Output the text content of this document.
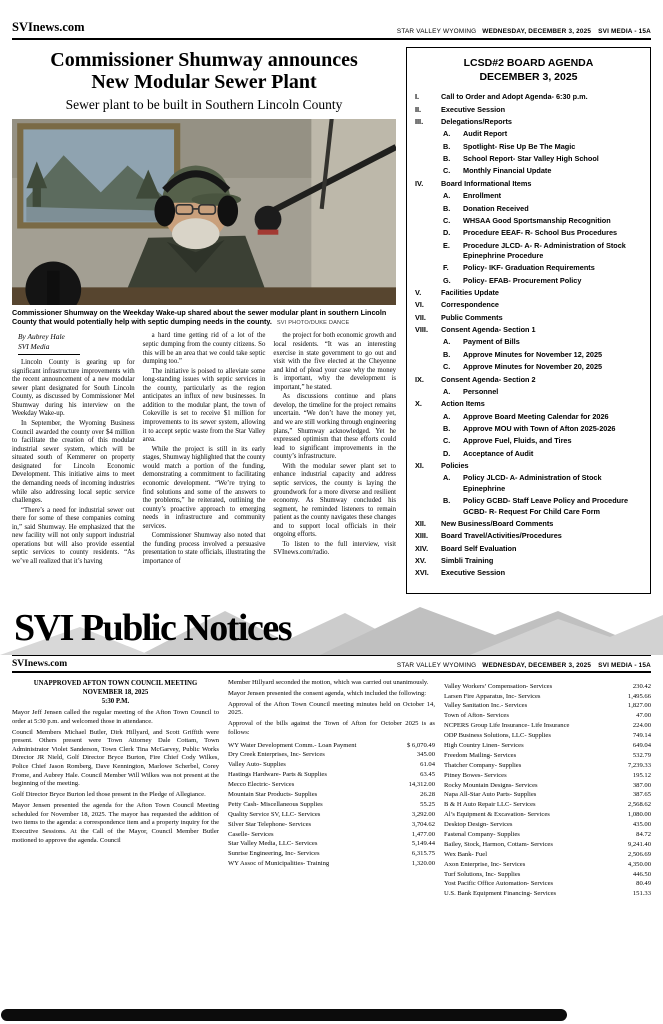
SVInews.com	STAR VALLEY WYOMING WEDNESDAY, DECEMBER 3, 2025 SVI MEDIA - 15A
Commissioner Shumway announces
New Modular Sewer Plant
Sewer plant to be built in Southern Lincoln County
Commissioner Shumway on the Weekday Wake-up shared about the sewer modular plant in southern Lincoln County that would potentially help with septic dumping needs in the county. SVI PHOTO/DUKE DANCE
By Aubrey Hale
SVI Media

Lincoln County is gearing up for significant infrastructure improvements with the recent announcement of a new modular sewer plant designated for South Lincoln County, as discussed by Commissioner Mel Shumway during his interview on the Weekday Wake-up.

In September, the Wyoming Business Council awarded the county over $4 million to facilitate the creation of this modular industrial sewer system, which will be situated south of Kemmerer on property designated for Lincoln Economic Development. This initiative aims to meet the demanding needs of incoming industries while also addressing local septic service challenges.

“There’s a need for industrial sewer out there for some of these companies coming in,” said Shumway. He emphasized that the new facility will not only support industrial operations but will also provide essential septic services to county residents. “As we’ve all realized that it’s having

a hard time getting rid of a lot of the septic dumping from the county citizens. So this will be an area that we could take septic dumping too.”

The initiative is poised to alleviate some long-standing issues with septic services in the county, particularly as the region anticipates an influx of new businesses. In addition to the modular plant, the town of Cokeville is set to receive $1 million for improvements to its sewer system, allowing it to accept septic waste from the Star Valley area.

While the project is still in its early stages, Shumway highlighted that the county would match a portion of the funding, demonstrating a commitment to facilitating economic development. “We’re trying to find solutions and some of the answers to the problems,” he reiterated, outlining the county’s proactive approach to emerging needs in infrastructure and community services.

Commissioner Shumway also noted that the funding process involved a persuasive presentation to state officials, illustrating the importance of

the project for both economic growth and local residents. “It was an interesting exercise in state government to go out and visit with the five elected at the Cheyenne and kind of plead your case why the money is important, why the development is important,” he stated.

As discussions continue and plans develop, the timeline for the project remains uncertain. “We don’t have the money yet, and we are still working through engineering plans,” Shumway acknowledged. Yet he expressed optimism that these efforts could lead to significant improvements in the county’s infrastructure.

With the modular sewer plant set to enhance industrial capacity and address septic services, the county is laying the groundwork for a more diverse and resilient economy. As Shumway concluded his segment, he reminded listeners to remain patient as the county navigates these changes and to support local officials in their ongoing efforts.

To listen to the full interview, visit SVInews.com/radio.

LCSD#2 BOARD AGENDA
DECEMBER 3, 2025
I.	Call to Order and Adopt Agenda- 6:30 p.m.
II.	Executive Session
III.	Delegations/Reports
A.	Audit Report
B.	Spotlight- Rise Up Be The Magic
B.	School Report- Star Valley High School
C.	Monthly Financial Update
IV.	Board Informational Items
A.	Enrollment
B.	Donation Received
C.	WHSAA Good Sportsmanship Recognition
D.	Procedure EEAF- R- School Bus Procedures
E.	Procedure JLCD- A- R- Administration of Stock Epinephrine Procedure
F.	Policy- IKF- Graduation Requirements
G.	Policy- EFAB- Procurement Policy
V.	Facilities Update
VI.	Correspondence
VII.	Public Comments
VIII.	Consent Agenda- Section 1
A.	Payment of Bills
B.	Approve Minutes for November 12, 2025
C.	Approve Minutes for November 20, 2025
IX.	Consent Agenda- Section 2
A.	Personnel
X.	Action Items
A.	Approve Board Meeting Calendar for 2026
B.	Approve MOU with Town of Afton 2025-2026
C.	Approve Fuel, Fluids, and Tires
D.	Acceptance of Audit
XI.	Policies
A.	Policy JLCD- A- Administration of Stock Epinephrine
B.	Policy GCBD- Staff Leave Policy and Procedure GCBD- R- Request For Child Care Form
XII.	New Business/Board Comments
XIII.	Board Travel/Activities/Procedures
XIV.	Board Self Evaluation
XV.	Simbli Training
XVI.	Executive Session
SVI Public Notices
SVInews.com	STAR VALLEY WYOMING WEDNESDAY, DECEMBER 3, 2025 SVI MEDIA - 15A
UNAPPROVED AFTON TOWN COUNCIL MEETING
NOVEMBER 18, 2025
5:30 P.M.

Mayor Jeff Jensen called the regular meeting of the Afton Town Council to order at 5:30 p.m. and welcomed those in attendance.

Council Members Michael Butler, Dirk Hillyard, and Scott Griffith were present. Others present were Town Attorney Dale Cottam, Town Administrator Violet Sanderson, Town Clerk Tina McGarvey, Public Works Director JR Nield, Golf Director Bryce Burton, Fire Chief Cody Wilkes, Police Chief Jason Romberg, Dave Kennington, Marlowe Scherbel, Corey Frome, and Aubrey Hale. Council Member Will Wilkes was not present at the beginning of the meeting.

Golf Director Bryce Burton led those present in the Pledge of Allegiance.

Mayor Jensen presented the agenda for the Afton Town Council Meeting scheduled for November 18, 2025. The mayor has requested the addition of two items to the agenda: a correspondence item and a property inquiry for the Executive Sessions. At the Call of the Mayor, Council Member Butler motioned to approve the agenda. Council

Member Hillyard seconded the motion, which was carried out unanimously.

Mayor Jensen presented the consent agenda, which included the following:

Approval of the Afton Town Council meeting minutes held on October 14, 2025.

Approval of the bills against the Town of Afton for October 2025 is as follows:

WY Water Development Comm.- Loan Payment	$ 6,070.49
Dry Creek Enterprises, Inc- Services	345.00
Valley Auto- Supplies	61.04
Hastings Hardware- Parts & Supplies	63.45
Mecco Electric- Services	14,312.00
Mountain Star Products- Supplies	26.28
Petty Cash- Miscellaneous Supplies	55.25
Quality Service SV, LLC- Services	3,292.00
Silver Star Telephone- Services	3,704.62
Caselle- Services	1,477.00
Star Valley Media, LLC- Services	5,149.44
Sunrise Engineering, Inc- Services	6,315.75
WY Assoc of Municipalities- Training	1,320.00
Valley Workers’ Compensation- Services	230.42
Larsen Fire Apparatus, Inc- Services	1,495.66
Valley Sanitation Inc.- Services	1,827.00
Town of Afton- Services	47.00
NCPERS Group Life Insurance- Life Insurance	224.00
ODP Business Solutions, LLC- Supplies	749.14
High Country Linen- Services	649.04
Freedom Mailing- Services	532.79
Thatcher Company- Supplies	7,239.33
Pitney Bowes- Services	195.12
Rocky Mountain Designs- Services	387.00
Napa All-Star Auto Parts- Supplies	387.65
B & H Auto Repair LLC- Services	2,568.62
Al’s Equipment & Excavation- Services	1,080.00
Desktop Design- Services	435.00
Fastenal Company- Supplies	84.72
Bailey, Stock, Harmon, Cottam- Services	9,241.40
Wex Bank- Fuel	2,506.69
Axon Enterprise, Inc- Services	4,350.00
Turf Solutions, Inc- Supplies	446.50
Yost Pacific Office Automation- Services	80.49
U.S. Bank Equipment Financing- Services	151.33
